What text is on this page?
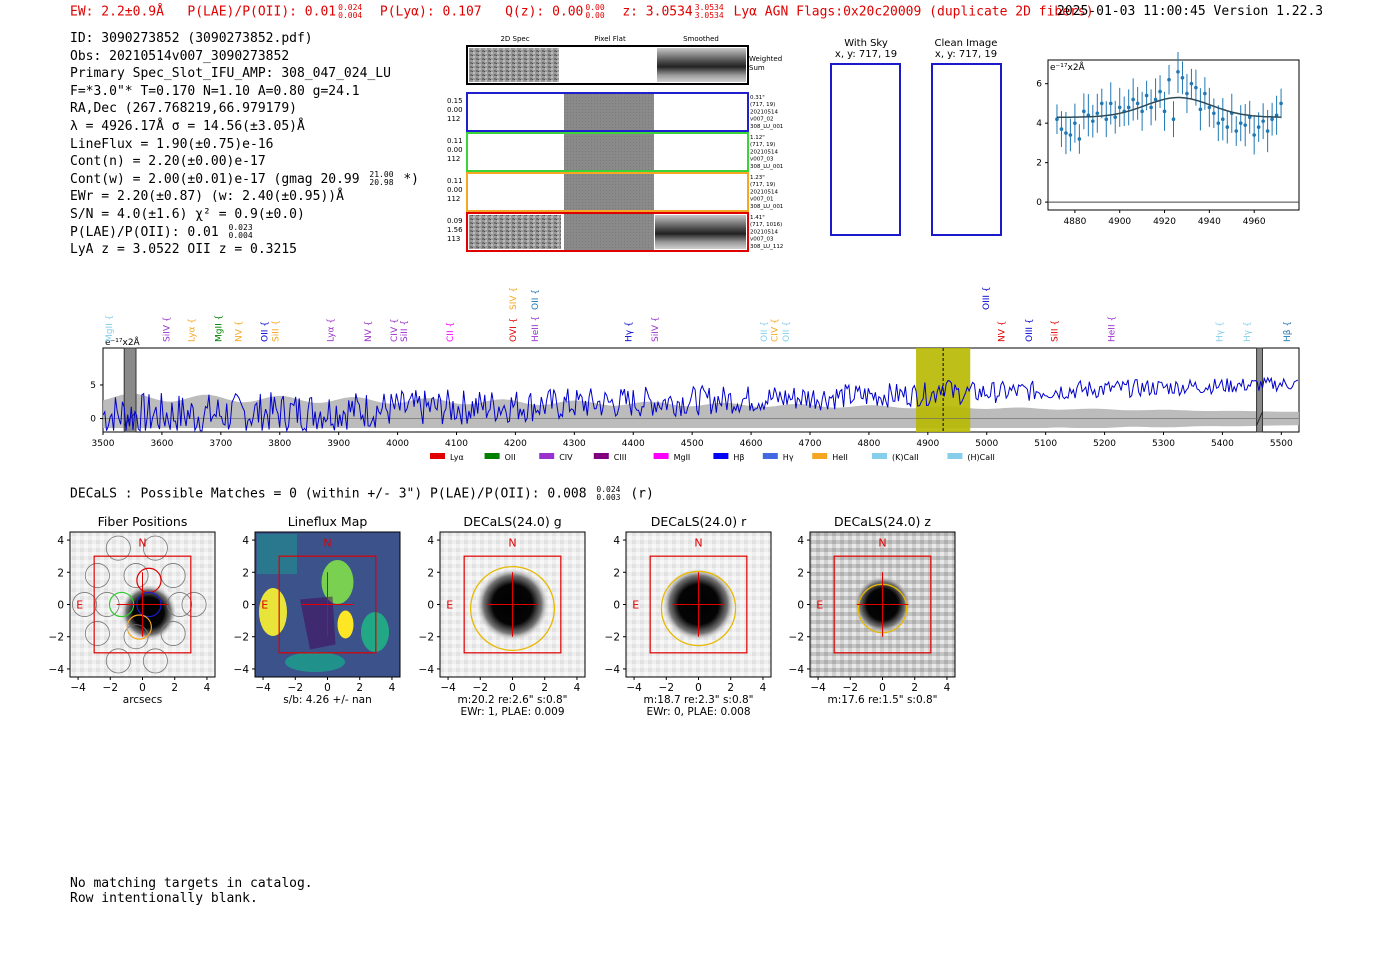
EW: 2.2±0.9Å P(LAE)/P(OII): 0.01 0.024
0.004 P(Lyα): 0.107 Q(z): 0.00 0.00
0.00 z: 3.0534 3.0534
3.0534 Lyα AGN Flags:0x20c20009 (duplicate 2D fibers)
2025-01-03 11:00:45 Version 1.22.3
ID: 3090273852 (3090273852.pdf)
Obs: 20210514v007_3090273852
Primary Spec_Slot_IFU_AMP: 308_047_024_LU
F=*3.0"* T=0.170 N=1.10 A=0.80 g=24.1
RA,Dec (267.768219,66.979179)
λ = 4926.17Å σ = 14.56(±3.05)Å
LineFlux = 1.90(±0.75)e-16
Cont(n) = 2.20(±0.00)e-17
Cont(w) = 2.00(±0.01)e-17 (gmag 20.99 21.00
20.98 *)
EWr = 2.20(±0.87) (w: 2.40(±0.95))Å
S/N = 4.0(±1.6) χ² = 0.9(±0.0)
P(LAE)/P(OII): 0.01 0.023
0.004
LyA z = 3.0522 OII z = 0.3215
2D Spec	Pixel Flat	Smoothed
Weighted
Sum
0.15
0.00
112
0.31"
(717, 19)
20210514
v007_02
308_LU_001
0.11
0.00
112
1.12"
(717, 19)
20210514
v007_03
308_LU_001
0.11
0.00
112
1.23"
(717, 19)
20210514
v007_01
308_LU_001
0.09
1.56
113
1.41"
(717, 1016)
20210514
v007_03
308_LU_112
With Sky
x, y: 717, 19
Clean Image
x, y: 717, 19
0
2
4
6
4880 4900 4920 4940 4960
e⁻¹⁷x2Å
0
5
3500	3600	3700	3800	3900	4000	4100	4200	4300	4400	4500	4600	4700	4800	4900	5000	5100	5200	5300	5400	5500
e⁻¹⁷x2Å
MgII {	SiIV { Lyα { MgII { NV { OII { SiII {	Lyα {	NV { CIV { SiII {	CII {	OVI { HeII {	Hγ { SiIV {	OII { CIV { OII {	NV { OIII { SiII {	HeII {	Hγ { Hγ {	Hβ {
OIII {
SIV { OII {
Lyα	OII	CIV	CIII	MgII	Hβ	Hγ	HeII	(K)CaII	(H)CaII
DECaLS : Possible Matches = 0 (within +/- 3") P(LAE)/P(OII): 0.008 0.024
0.003 (r)
Fiber Positions
N
E
−4
−4
−2
−2
0
0
2
2
4
4
arcsecs
Lineflux Map
N
E
−4
−4
−2
−2
0
0
2
2
4
4
s/b: 4.26 +/- nan
DECaLS(24.0) g
N
E
−4
−4
−2
−2
0
0
2
2
4
4
m:20.2 re:2.6" s:0.8"
EWr: 1, PLAE: 0.009
DECaLS(24.0) r
N
E
−4
−4
−2
−2
0
0
2
2
4
4
m:18.7 re:2.3" s:0.8"
EWr: 0, PLAE: 0.008
DECaLS(24.0) z
N
E
−4
−4
−2
−2
0
0
2
2
4
4
m:17.6 re:1.5" s:0.8"
No matching targets in catalog.
Row intentionally blank.
